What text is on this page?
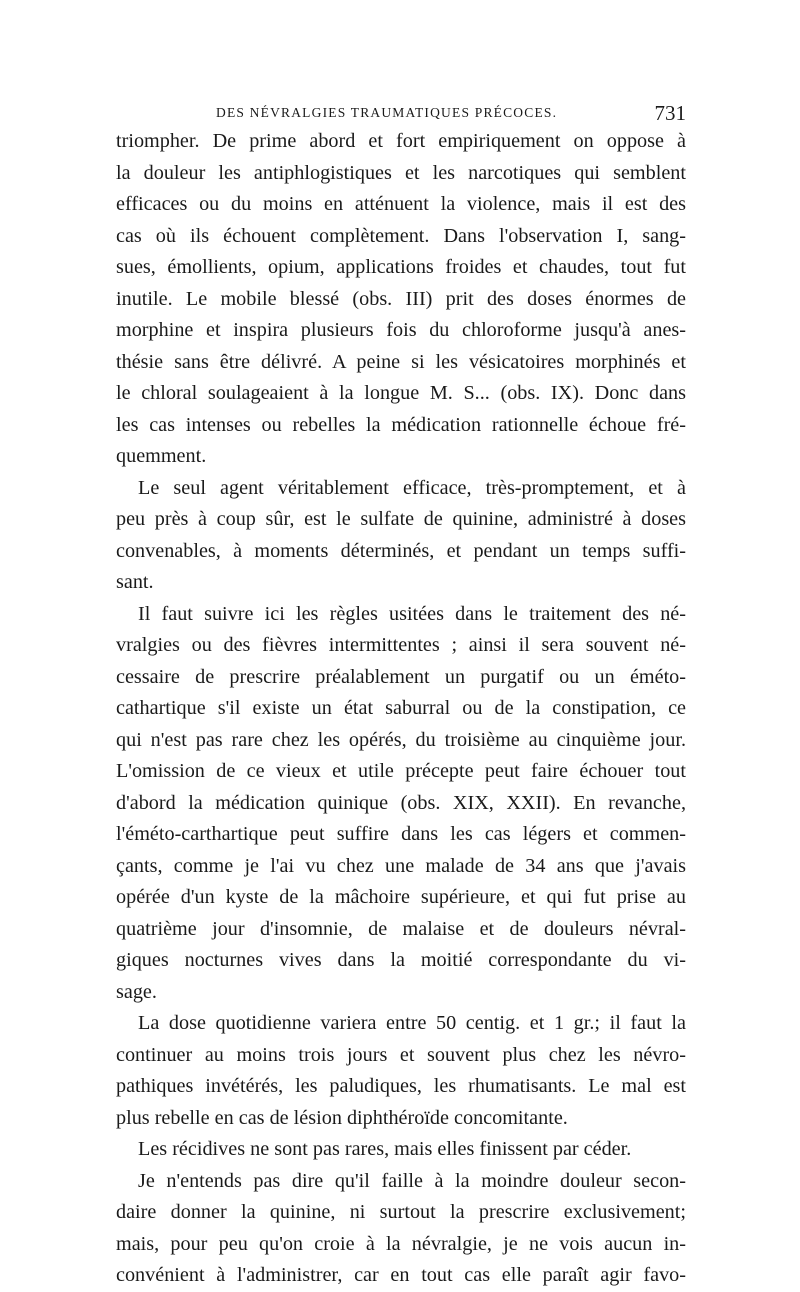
DES NÉVRALGIES TRAUMATIQUES PRÉCOCES.	731
triompher. De prime abord et fort empiriquement on oppose à
la douleur les antiphlogistiques et les narcotiques qui semblent
efficaces ou du moins en atténuent la violence, mais il est des
cas où ils échouent complètement. Dans l'observation I, sang-
sues, émollients, opium, applications froides et chaudes, tout fut
inutile. Le mobile blessé (obs. III) prit des doses énormes de
morphine et inspira plusieurs fois du chloroforme jusqu'à anes-
thésie sans être délivré. A peine si les vésicatoires morphinés et
le chloral soulageaient à la longue M. S... (obs. IX). Donc dans
les cas intenses ou rebelles la médication rationnelle échoue fré-
quemment.
Le seul agent véritablement efficace, très-promptement, et à
peu près à coup sûr, est le sulfate de quinine, administré à doses
convenables, à moments déterminés, et pendant un temps suffi-
sant.
Il faut suivre ici les règles usitées dans le traitement des né-
vralgies ou des fièvres intermittentes ; ainsi il sera souvent né-
cessaire de prescrire préalablement un purgatif ou un éméto-
cathartique s'il existe un état saburral ou de la constipation, ce
qui n'est pas rare chez les opérés, du troisième au cinquième jour.
L'omission de ce vieux et utile précepte peut faire échouer tout
d'abord la médication quinique (obs. XIX, XXII). En revanche,
l'éméto-carthartique peut suffire dans les cas légers et commen-
çants, comme je l'ai vu chez une malade de 34 ans que j'avais
opérée d'un kyste de la mâchoire supérieure, et qui fut prise au
quatrième jour d'insomnie, de malaise et de douleurs névral-
giques nocturnes vives dans la moitié correspondante du vi-
sage.
La dose quotidienne variera entre 50 centig. et 1 gr.; il faut la
continuer au moins trois jours et souvent plus chez les névro-
pathiques invétérés, les paludiques, les rhumatisants. Le mal est
plus rebelle en cas de lésion diphthéroïde concomitante.
Les récidives ne sont pas rares, mais elles finissent par céder.
Je n'entends pas dire qu'il faille à la moindre douleur secon-
daire donner la quinine, ni surtout la prescrire exclusivement;
mais, pour peu qu'on croie à la névralgie, je ne vois aucun in-
convénient à l'administrer, car en tout cas elle paraît agir favo-
